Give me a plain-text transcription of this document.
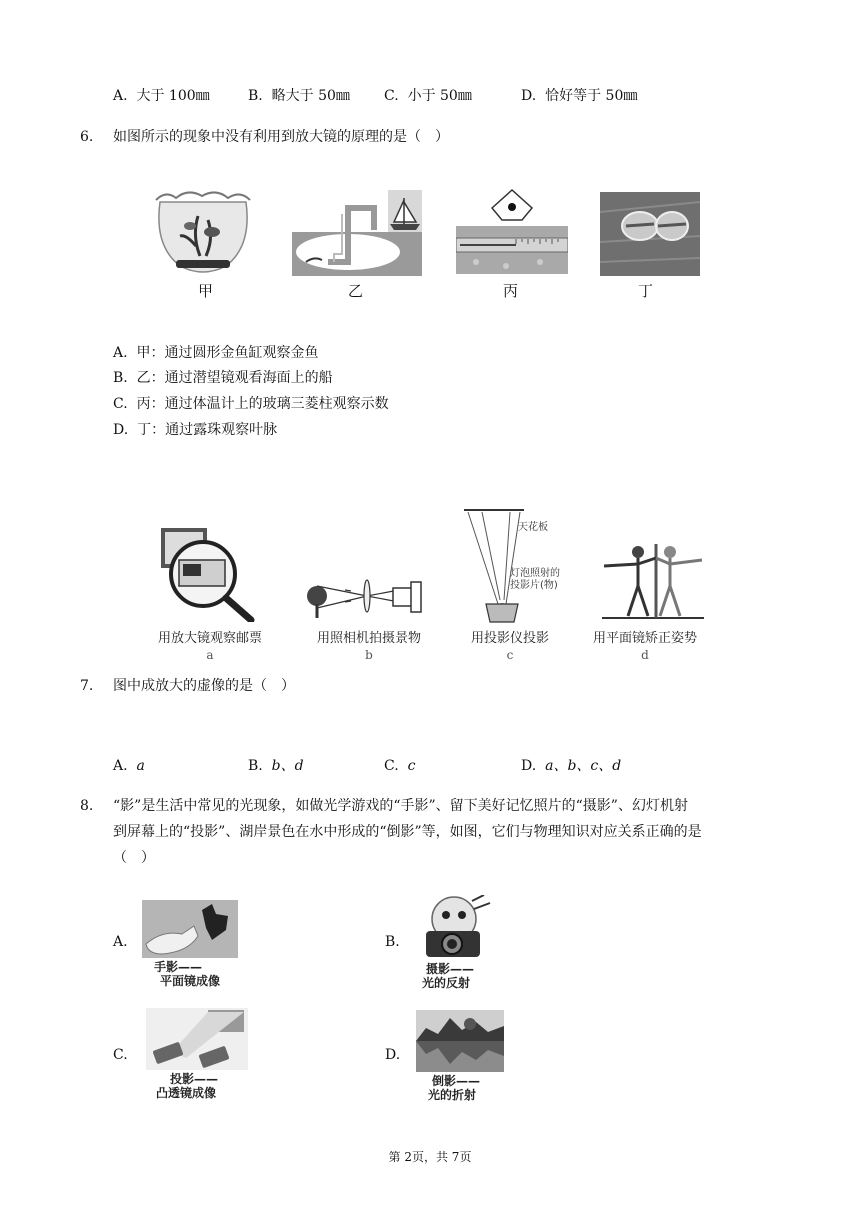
A. 大于 100㎜	B. 略大于 50㎜ C. 小于 50㎜	D. 恰好等于 50㎜
6. 如图所示的现象中没有利用到放大镜的原理的是（　）
甲	乙	丙	丁
A. 甲：通过圆形金鱼缸观察金鱼
B. 乙：通过潜望镜观看海面上的船
C. 丙：通过体温计上的玻璃三菱柱观察示数
D. 丁：通过露珠观察叶脉
天花板
灯泡照射的投影片(物)
用放大镜观察邮票	用照相机拍摄景物	用投影仪投影	用平面镜矫正姿势
a	b	c	d
7. 图中成放大的虚像的是（　）
A. a	B. b、d	C. c	D. a、b、c、d
8. “影”是生活中常见的光现象，如做光学游戏的“手影”、留下美好记忆照片的“摄影”、幻灯机射
到屏幕上的“投影”、湖岸景色在水中形成的“倒影”等，如图，它们与物理知识对应关系正确的是
（　）
A.
手影——
平面镜成像
B.
摄影——
光的反射
C.
投影——
凸透镜成像
D.
倒影——
光的折射
第 2页，共 7页
